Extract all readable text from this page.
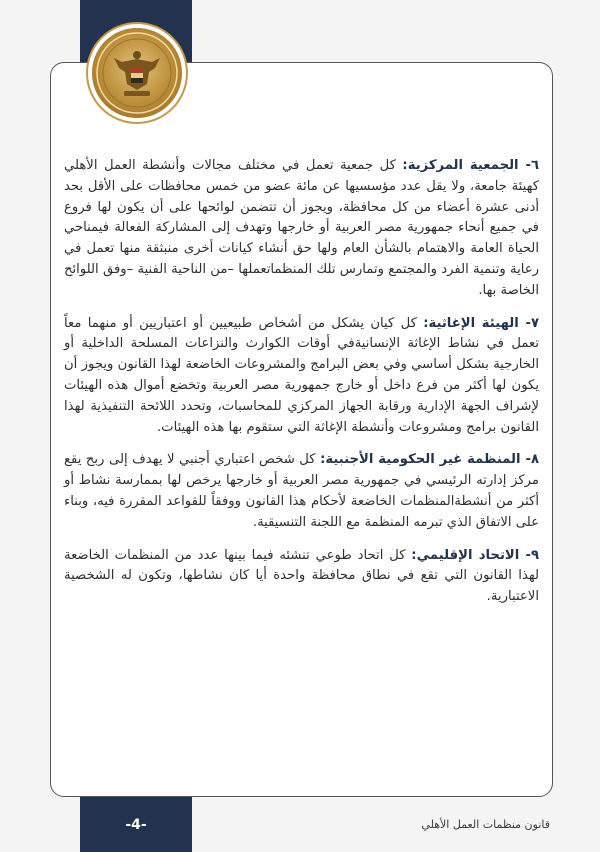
٦- الجمعية المركزية: كل جمعية تعمل في مختلف مجالات وأنشطة العمل الأهلي كهيئة جامعة، ولا يقل عدد مؤسسيها عن مائة عضو من خمس محافظات على الأقل بحد أدنى عشرة أعضاء من كل محافظة، ويجوز أن تتضمن لوائحها على أن يكون لها فروع في جميع أنحاء جمهورية مصر العربية أو خارجها وتهدف إلى المشاركة الفعالة فيمناحي الحياة العامة والاهتمام بالشأن العام ولها حق أنشاء كيانات أخرى منبثقة منها تعمل في رعاية وتنمية الفرد والمجتمع وتمارس تلك المنظماتعملها –من الناحية الفنية –وفق اللوائح الخاصة بها.

٧- الهيئة الإغاثية: كل كيان يشكل من أشخاص طبيعيين أو اعتباريين أو منهما معاً تعمل في نشاط الإغاثة الإنسانيةفي أوقات الكوارث والنزاعات المسلحة الداخلية أو الخارجية بشكل أساسي وفي بعض البرامج والمشروعات الخاضعة لهذا القانون ويجوز أن يكون لها أكثر من فرع داخل أو خارج جمهورية مصر العربية وتخضع أموال هذه الهيئات لإشراف الجهة الإدارية ورقابة الجهاز المركزي للمحاسبات، وتحدد اللائحة التنفيذية لهذا القانون برامج ومشروعات وأنشطة الإغاثة التي ستقوم بها هذه الهيئات.

٨- المنظمة غير الحكومية الأجنبية: كل شخص اعتباري أجنبي لا يهدف إلى ربح يقع مركز إدارته الرئيسي في جمهورية مصر العربية أو خارجها يرخص لها بممارسة نشاط أو أكثر من أنشطةالمنظمات الخاضعة لأحكام هذا القانون ووفقاً للقواعد المقررة فيه، وبناء على الاتفاق الذي تبرمه المنظمة مع اللجنة التنسيقية.

٩- الاتحاد الإقليمي: كل اتحاد طوعي تنشئه فيما بينها عدد من المنظمات الخاضعة لهذا القانون التي تقع في نطاق محافظة واحدة أيا كان نشاطها، وتكون له الشخصية الاعتبارية.

-4-	قانون منظمات العمل الأهلي
